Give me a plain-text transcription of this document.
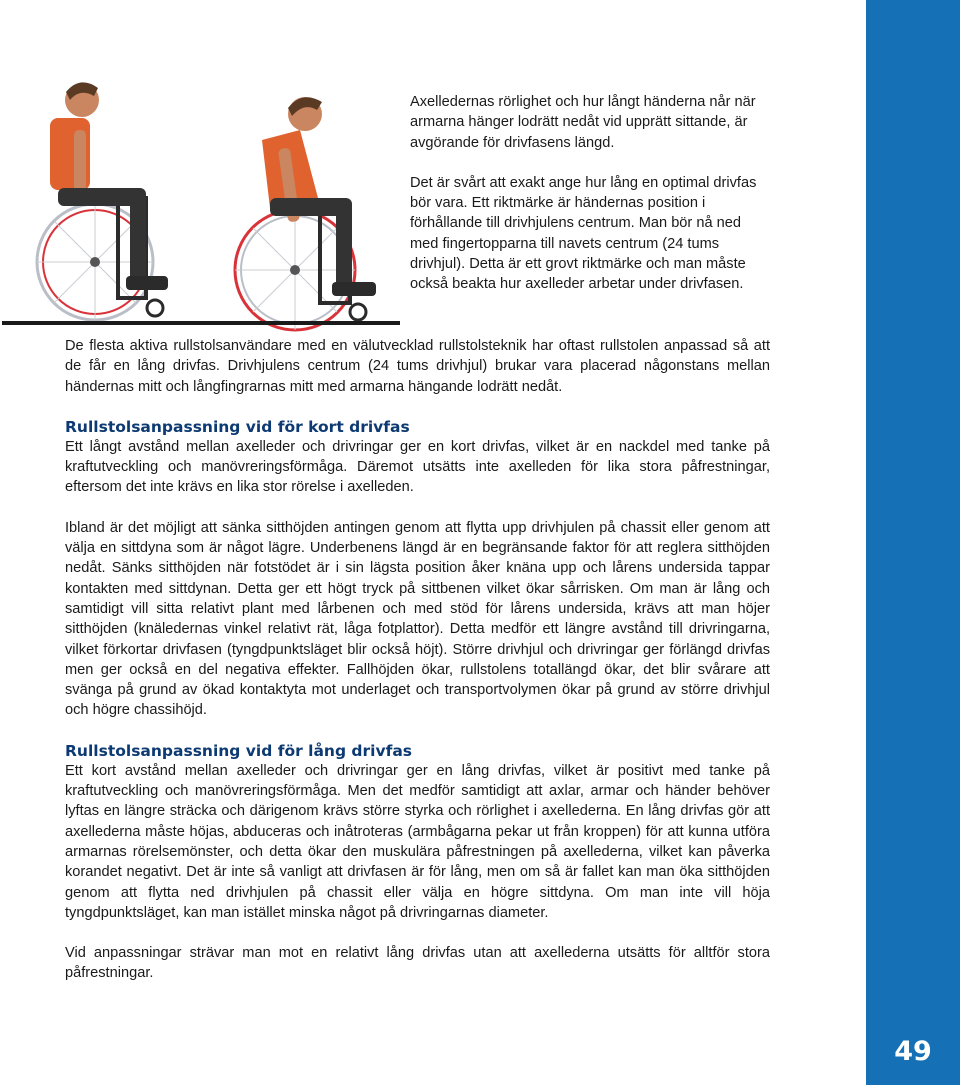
49

Axelledernas rörlighet och hur långt händerna når när armarna hänger lodrätt nedåt vid upprätt sittande, är avgörande för drivfasens längd.

Det är svårt att exakt ange hur lång en optimal drivfas bör vara. Ett riktmärke är händernas position i förhållande till drivhjulens centrum. Man bör nå ned med fingertopparna till navets centrum (24 tums drivhjul). Detta är ett grovt riktmärke och man måste också beakta hur axelleder arbetar under drivfasen.

De flesta aktiva rullstolsanvändare med en välutvecklad rullstolsteknik har oftast rullstolen anpassad så att de får en lång drivfas. Drivhjulens centrum (24 tums drivhjul) brukar vara placerad någonstans mellan händernas mitt och långfingrarnas mitt med armarna hängande lodrätt nedåt.

Rullstolsanpassning vid för kort drivfas

Ett långt avstånd mellan axelleder och drivringar ger en kort drivfas, vilket är en nackdel med tanke på kraftutveckling och manövreringsförmåga. Däremot utsätts inte axelleden för lika stora påfrestningar, eftersom det inte krävs en lika stor rörelse i axelleden.

Ibland är det möjligt att sänka sitthöjden antingen genom att flytta upp drivhjulen på chassit eller genom att välja en sittdyna som är något lägre. Underbenens längd är en begränsande faktor för att reglera sitthöjden nedåt. Sänks sitthöjden när fotstödet är i sin lägsta position åker knäna upp och lårens undersida tappar kontakten med sittdynan. Detta ger ett högt tryck på sittbenen vilket ökar sårrisken. Om man är lång och samtidigt vill sitta relativt plant med lårbenen och med stöd för lårens undersida, krävs att man höjer sitthöjden (knäledernas vinkel relativt rät, låga fotplattor). Detta medför ett längre avstånd till drivringarna, vilket förkortar drivfasen (tyngdpunktsläget blir också höjt). Större drivhjul och drivringar ger förlängd drivfas men ger också en del negativa effekter. Fallhöjden ökar, rullstolens totallängd ökar, det blir svårare att svänga på grund av ökad kontaktyta mot underlaget och transportvolymen ökar på grund av större drivhjul och högre chassihöjd.

Rullstolsanpassning vid för lång drivfas

Ett kort avstånd mellan axelleder och drivringar ger en lång drivfas, vilket är positivt med tanke på kraftutveckling och manövreringsförmåga. Men det medför samtidigt att axlar, armar och händer behöver lyftas en längre sträcka och därigenom krävs större styrka och rörlighet i axellederna. En lång drivfas gör att axellederna måste höjas, abduceras och inåtroteras (armbågarna pekar ut från kroppen) för att kunna utföra armarnas rörelsemönster, och detta ökar den muskulära påfrestningen på axellederna, vilket kan påverka korandet negativt. Det är inte så vanligt att drivfasen är för lång, men om så är fallet kan man öka sitthöjden genom att flytta ned drivhjulen på chassit eller välja en högre sittdyna. Om man inte vill höja tyngdpunktsläget, kan man istället minska något på drivringarnas diameter.

Vid anpassningar strävar man mot en relativt lång drivfas utan att axellederna utsätts för alltför stora påfrestningar.
